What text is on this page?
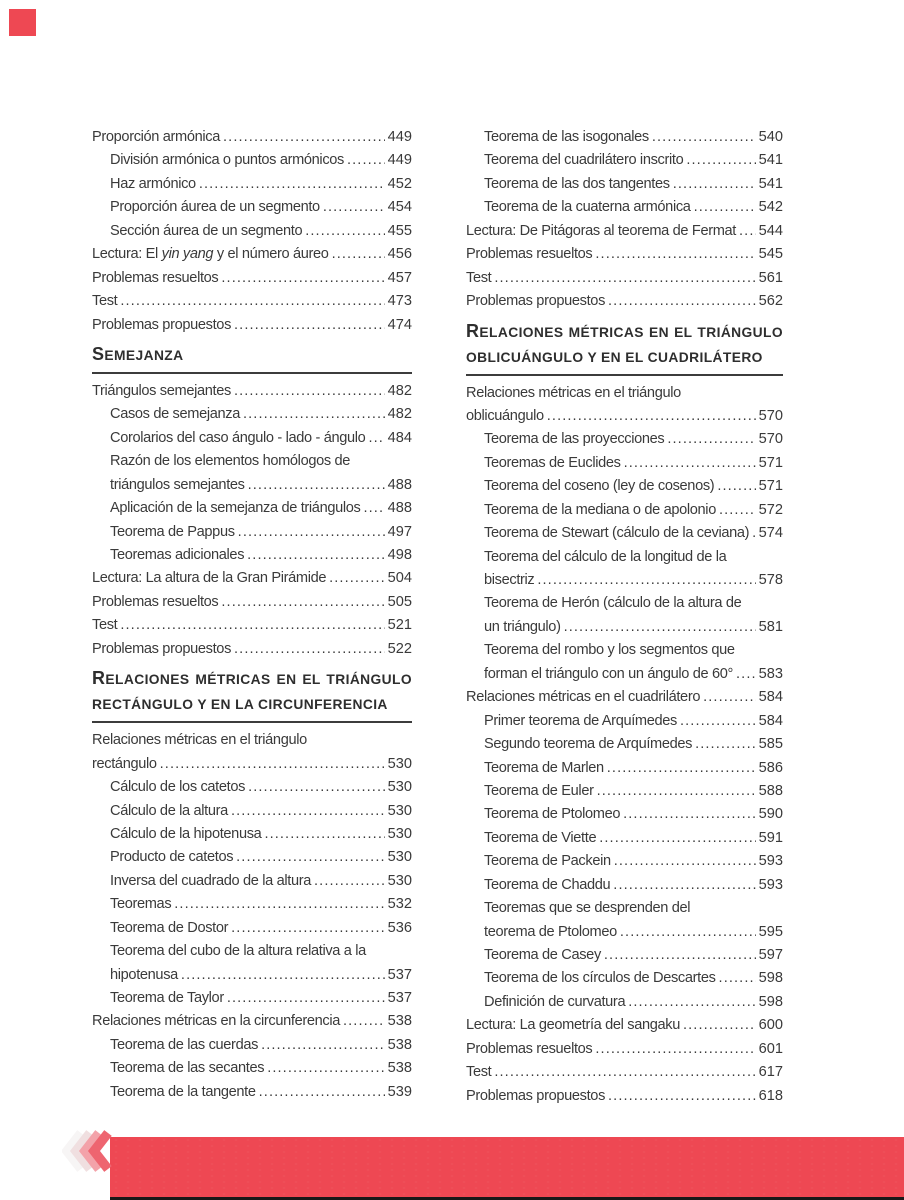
Proporción armónica .....	449
División armónica o puntos armónicos .....	449
Haz armónico .....	452
Proporción áurea de un segmento .....	454
Sección áurea de un segmento .....	455
Lectura: El yin yang y el número áureo .....	456
Problemas resueltos .....	457
Test .....	473
Problemas propuestos .....	474
SEMEJANZA
Triángulos semejantes .....	482
Casos de semejanza .....	482
Corolarios del caso ángulo - lado - ángulo ..... 484
Razón de los elementos homólogos de
triángulos semejantes .....	488
Aplicación de la semejanza de triángulos ..... 488
Teorema de Pappus .....	497
Teoremas adicionales .....	498
Lectura: La altura de la Gran Pirámide .....	504
Problemas resueltos .....	505
Test .....	521
Problemas propuestos .....	522
RELACIONES MÉTRICAS EN EL TRIÁNGULO RECTÁNGULO Y EN LA CIRCUNFERENCIA
Relaciones métricas en el triángulo
rectángulo .....	530
Cálculo de los catetos .....	530
Cálculo de la altura .....	530
Cálculo de la hipotenusa .....	530
Producto de catetos .....	530
Inversa del cuadrado de la altura .....	530
Teoremas .....	532
Teorema de Dostor .....	536
Teorema del cubo de la altura relativa a la
hipotenusa .....	537
Teorema de Taylor .....	537
Relaciones métricas en la circunferencia .....	538
Teorema de las cuerdas .....	538
Teorema de las secantes .....	538
Teorema de la tangente .....	539
Teorema de las isogonales .....	540
Teorema del cuadrilátero inscrito .....	541
Teorema de las dos tangentes .....	541
Teorema de la cuaterna armónica .....	542
Lectura: De Pitágoras al teorema de Fermat ..... 544
Problemas resueltos .....	545
Test .....	561
Problemas propuestos .....	562
RELACIONES MÉTRICAS EN EL TRIÁNGULO OBLICUÁNGULO Y EN EL CUADRILÁTERO
Relaciones métricas en el triángulo
oblicuángulo .....	570
Teorema de las proyecciones .....	570
Teoremas de Euclides .....	571
Teorema del coseno (ley de cosenos) .....	571
Teorema de la mediana o de apolonio .....	572
Teorema de Stewart (cálculo de la ceviana) ..... 574
Teorema del cálculo de la longitud de la
bisectriz .....	578
Teorema de Herón (cálculo de la altura de
un triángulo) .....	581
Teorema del rombo y los segmentos que
forman el triángulo con un ángulo de 60° ..... 583
Relaciones métricas en el cuadrilátero .....	584
Primer teorema de Arquímedes .....	584
Segundo teorema de Arquímedes .....	585
Teorema de Marlen .....	586
Teorema de Euler .....	588
Teorema de Ptolomeo .....	590
Teorema de Viette .....	591
Teorema de Packein .....	593
Teorema de Chaddu .....	593
Teoremas que se desprenden del
teorema de Ptolomeo .....	595
Teorema de Casey .....	597
Teorema de los círculos de Descartes .....	598
Definición de curvatura .....	598
Lectura: La geometría del sangaku .....	600
Problemas resueltos .....	601
Test .....	617
Problemas propuestos .....	618
